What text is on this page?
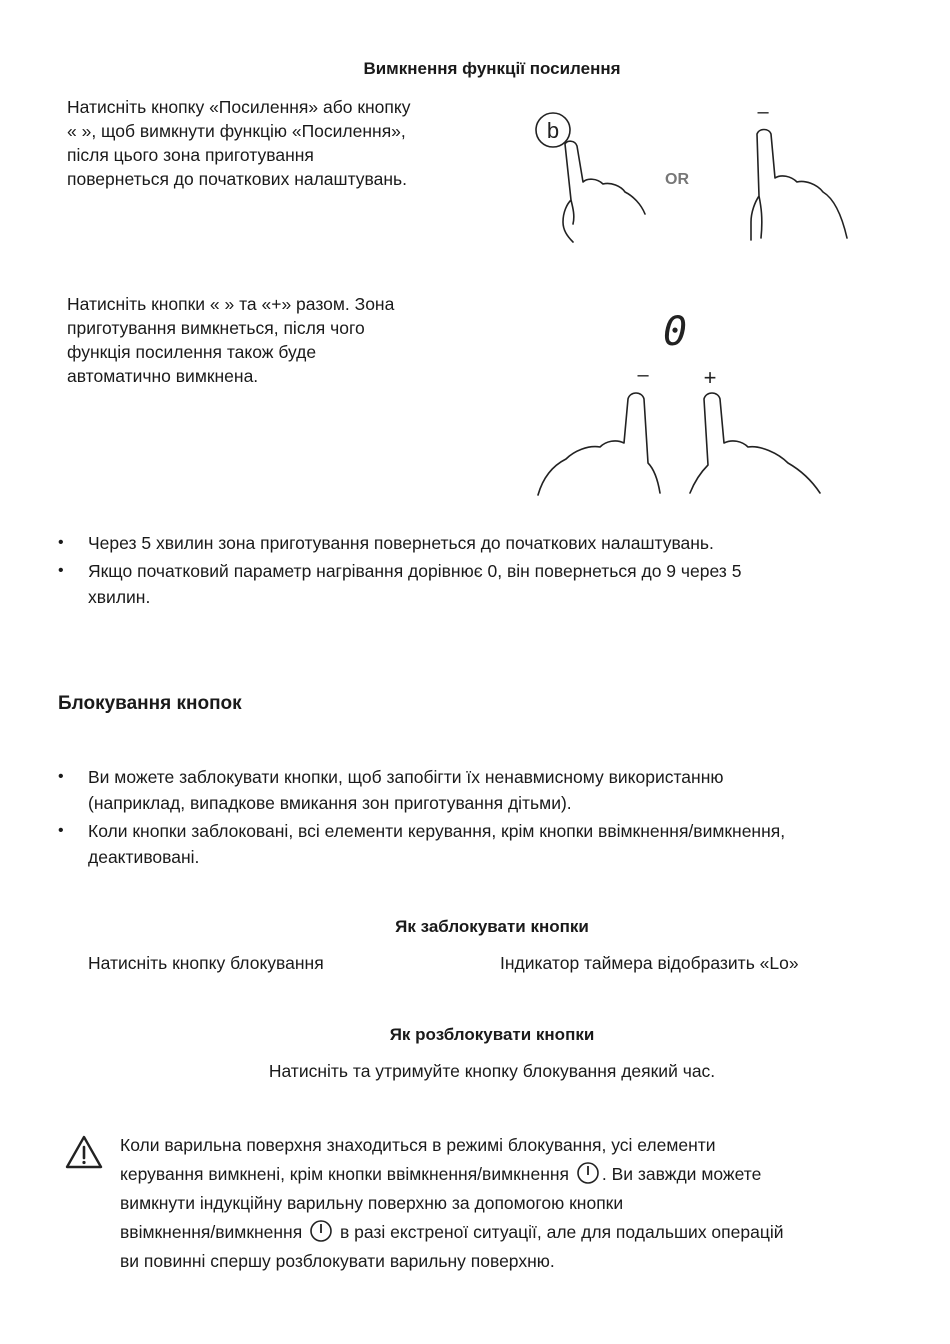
Вимкнення функції посилення
Натисніть кнопку «Посилення» або кнопку
« », щоб вимкнути функцію «Посилення»,
після цього зона приготування
повернеться до початкових налаштувань.
b
OR
–
Натисніть кнопки « » та «+» разом. Зона
приготування вимкнеться, після чого
функція посилення також буде
автоматично вимкнена.
0
–	+
• Через 5 хвилин зона приготування повернеться до початкових налаштувань.
• Якщо початковий параметр нагрівання дорівнює 0, він повернеться до 9 через 5
хвилин.
Блокування кнопок
• Ви можете заблокувати кнопки, щоб запобігти їх ненавмисному використанню
(наприклад, випадкове вмикання зон приготування дітьми).
• Коли кнопки заблоковані, всі елементи керування, крім кнопки ввімкнення/вимкнення,
деактивовані.
Як заблокувати кнопки
Натисніть кнопку блокування	Індикатор таймера відобразить «Lo»
Як розблокувати кнопки
Натисніть та утримуйте кнопку блокування деякий час.
Коли варильна поверхня знаходиться в режимі блокування, усі елементи
керування вимкнені, крім кнопки ввімкнення/вимкнення . Ви завжди можете
вимкнути індукційну варильну поверхню за допомогою кнопки
ввімкнення/вимкнення в разі екстреної ситуації, але для подальших операцій
ви повинні спершу розблокувати варильну поверхню.
